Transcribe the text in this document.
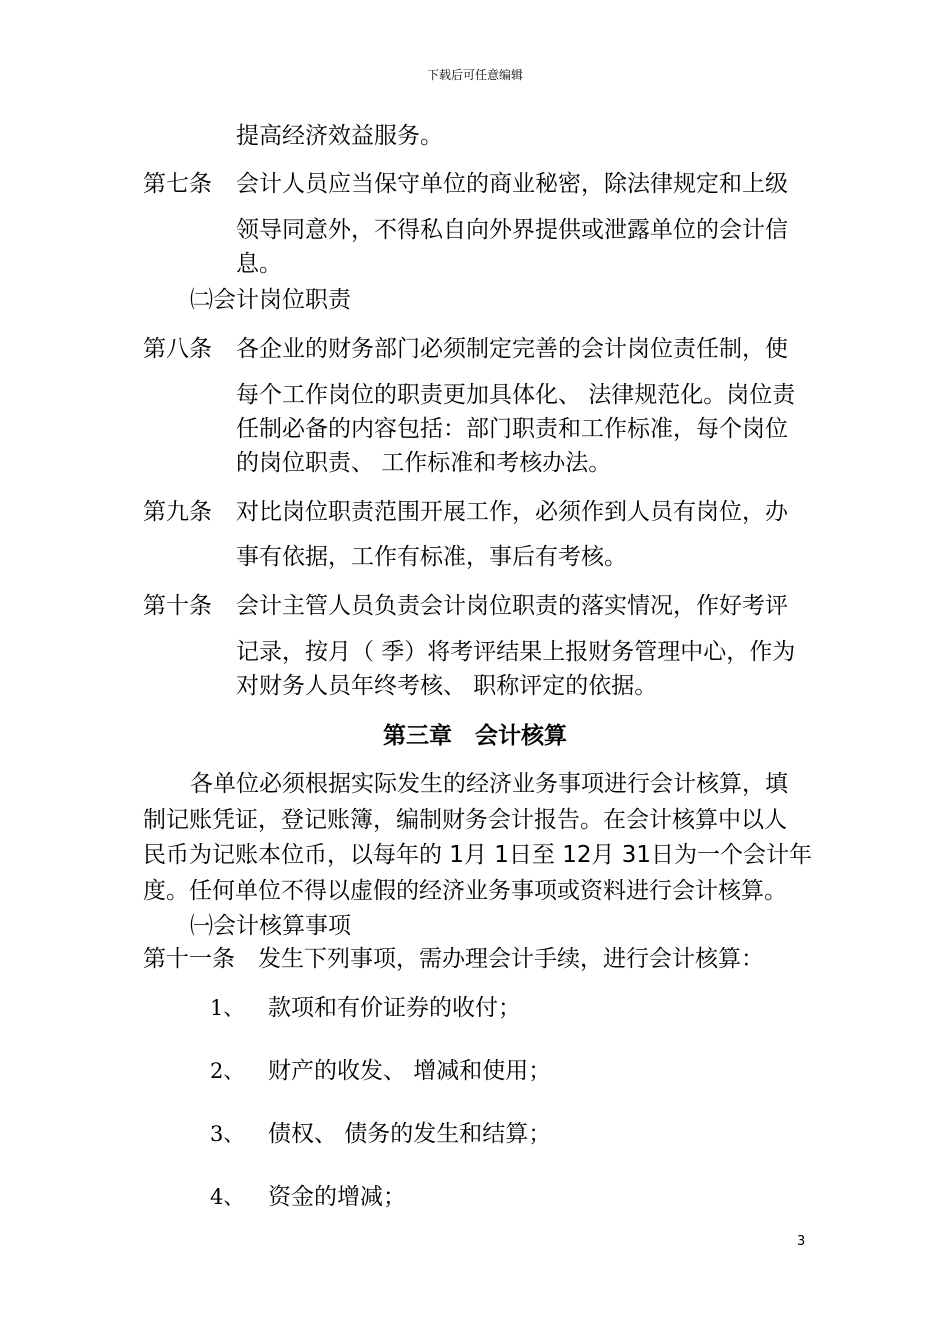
下载后可任意编辑
提高经济效益服务。
第七条 会计人员应当保守单位的商业秘密，除法律规定和上级
领导同意外，不得私自向外界提供或泄露单位的会计信
息。
㈡会计岗位职责
第八条 各企业的财务部门必须制定完善的会计岗位责任制，使
每个工作岗位的职责更加具体化、 法律规范化。岗位责
任制必备的内容包括：部门职责和工作标准，每个岗位
的岗位职责、 工作标准和考核办法。
第九条 对比岗位职责范围开展工作，必须作到人员有岗位，办
事有依据，工作有标准，事后有考核。
第十条 会计主管人员负责会计岗位职责的落实情况，作好考评
记录，按月（ 季）将考评结果上报财务管理中心，作为
对财务人员年终考核、 职称评定的依据。
第三章　会计核算
各单位必须根据实际发生的经济业务事项进行会计核算，填
制记账凭证，登记账簿，编制财务会计报告。在会计核算中以人
民币为记账本位币，以每年的 1月 1日至 12月 31日为一个会计年
度。任何单位不得以虚假的经济业务事项或资料进行会计核算。
㈠会计核算事项
第十一条　发生下列事项，需办理会计手续，进行会计核算：
1、 款项和有价证券的收付；
2、 财产的收发、 增减和使用；
3、 债权、 债务的发生和结算；
4、 资金的增减；
3
